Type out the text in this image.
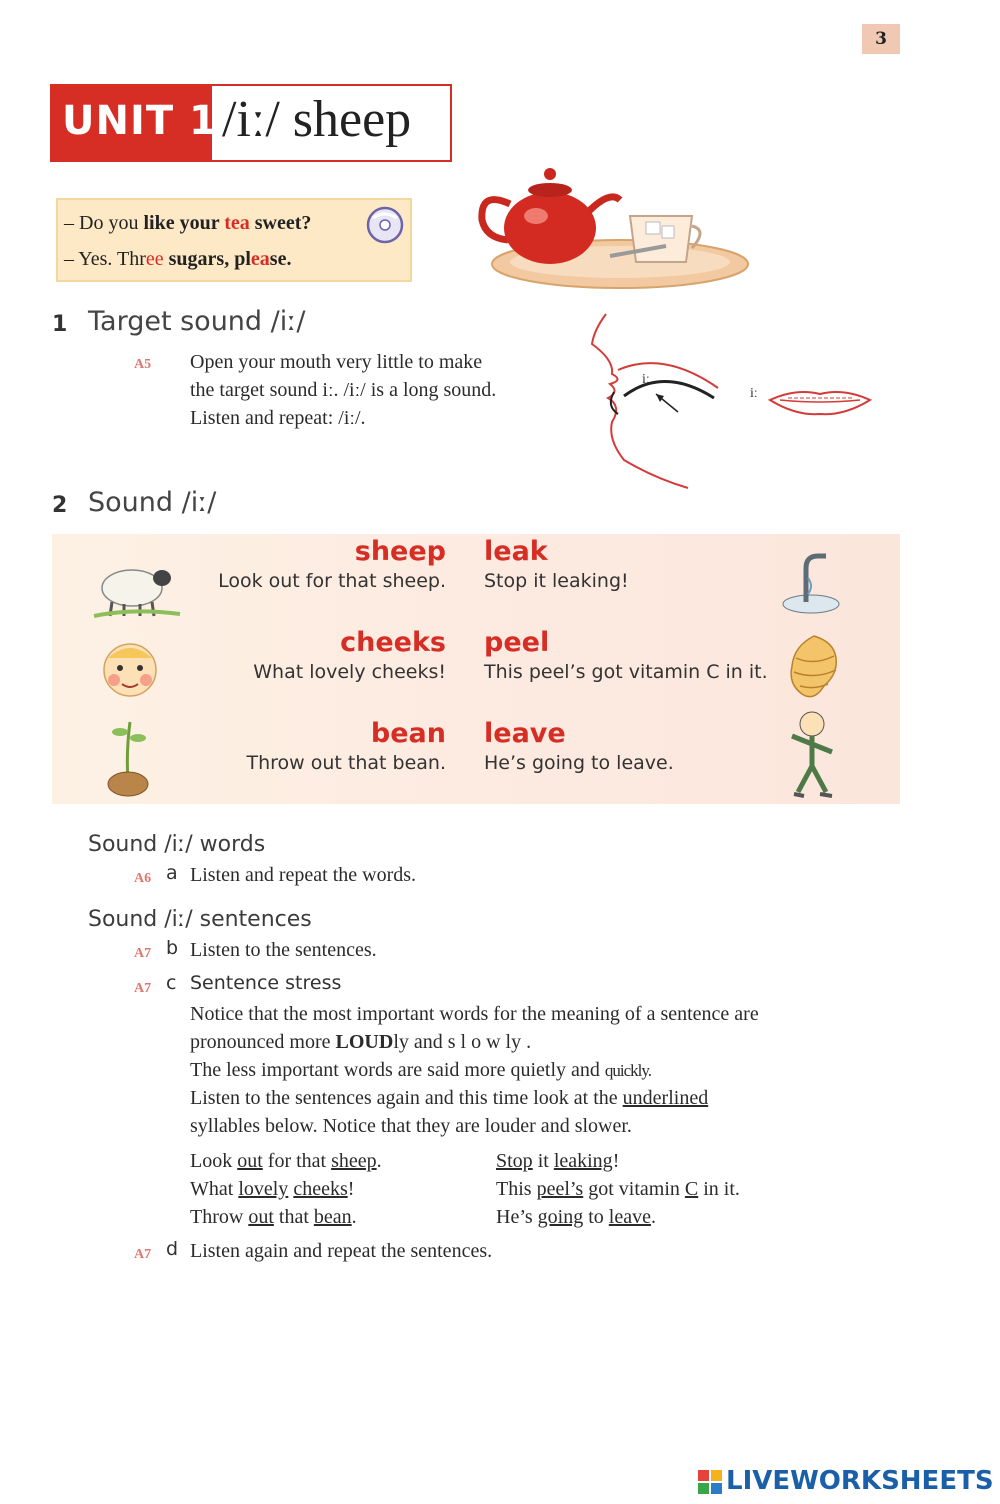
3
UNIT 1 /iː/ sheep
– Do you like your tea sweet?
– Yes. Three sugars, please.
1 Target sound /iː/
A5 Open your mouth very little to make
the target sound iː. /iː/ is a long sound.
Listen and repeat: /iː/.
iː
iː
2 Sound /iː/
sheep
Look out for that sheep.
leak
Stop it leaking!
cheeks
What lovely cheeks!
peel
This peel’s got vitamin C in it.
bean
Throw out that bean.
leave
He’s going to leave.
Sound /iː/ words
A6 a Listen and repeat the words.
Sound /iː/ sentences
A7 b Listen to the sentences.
A7 c Sentence stress
Notice that the most important words for the meaning of a sentence are
pronounced more LOUDly and s l o w ly .
The less important words are said more quietly and quickly.
Listen to the sentences again and this time look at the underlined
syllables below. Notice that they are louder and slower.
Look out for that sheep.
What lovely cheeks!
Throw out that bean.
Stop it leaking!
This peel’s got vitamin C in it.
He’s going to leave.
A7 d Listen again and repeat the sentences.
LIVEWORKSHEETS
